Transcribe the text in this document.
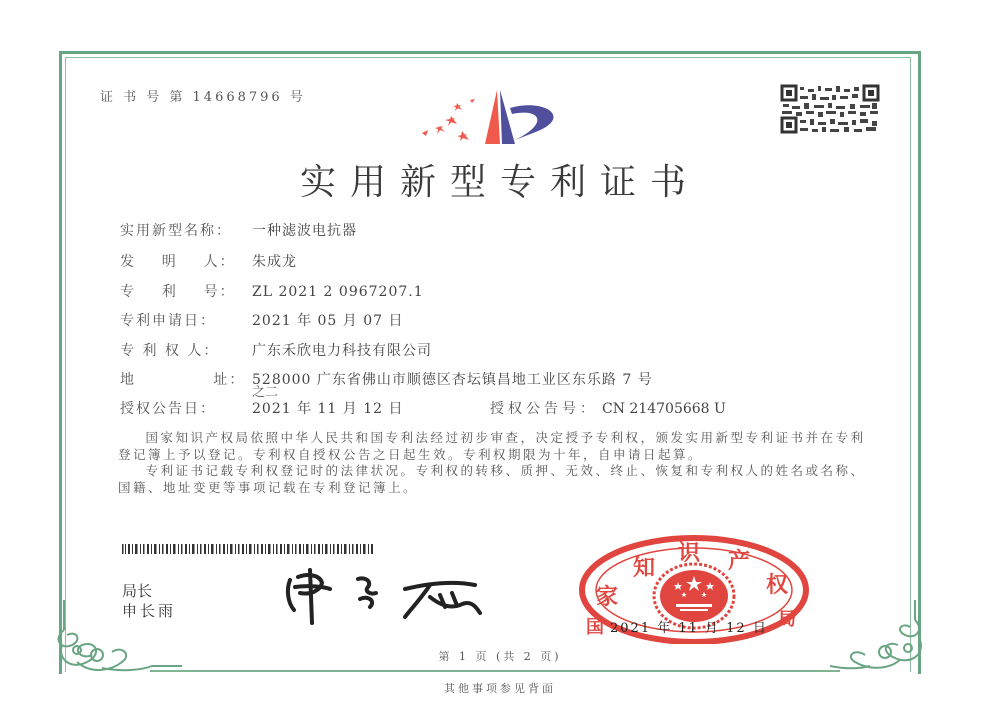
证 书 号 第 14668796 号
实用新型专利证书
实用新型名称： 一种滤波电抗器
发    明    人： 朱成龙
专    利    号： ZL 2021 2 0967207.1
专利申请日：	2021 年 05 月 07 日
专 利 权 人： 广东禾欣电力科技有限公司
地            址： 528000 广东省佛山市顺德区杏坛镇昌地工业区东乐路 7 号
之二
授权公告日：	2021 年 11 月 12 日	授权公告号： CN 214705668 U

国家知识产权局依照中华人民共和国专利法经过初步审查，决定授予专利权，颁发实用新型专利证书并在专利登记簿上予以登记。专利权自授权公告之日起生效。专利权期限为十年，自申请日起算。

专利证书记载专利权登记时的法律状况。专利权的转移、质押、无效、终止、恢复和专利权人的姓名或名称、国籍、地址变更等事项记载在专利登记簿上。

局长
申长雨
家
国
知
识 产
权
局
2021 年 11 月 12 日
第 1 页 (共 2 页)
其他事项参见背面
